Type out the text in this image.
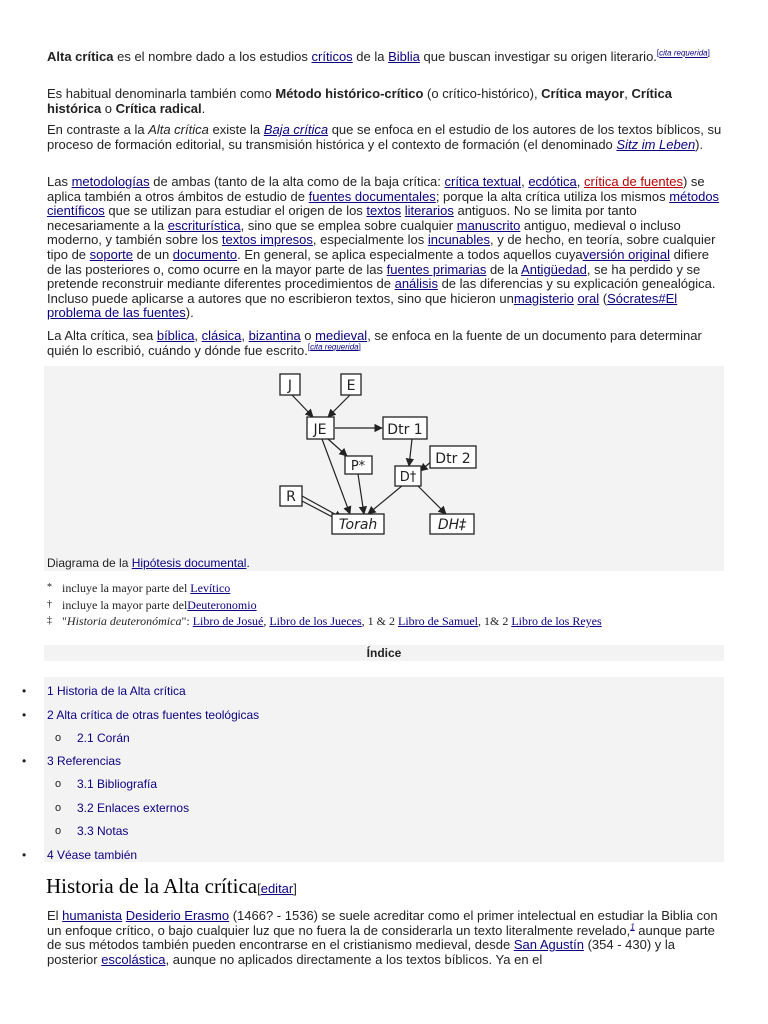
Alta crítica es el nombre dado a los estudios críticos de la Biblia que buscan investigar su origen literario.[cita requerida]

Es habitual denominarla también como Método histórico-crítico (o crítico-histórico), Crítica mayor, Crítica histórica o Crítica radical.

En contraste a la Alta crítica existe la Baja crítica que se enfoca en el estudio de los autores de los textos bíblicos, su proceso de formación editorial, su transmisión histórica y el contexto de formación (el denominado Sitz im Leben).

Las metodologías de ambas (tanto de la alta como de la baja crítica: crítica textual, ecdótica, crítica de fuentes) se aplica también a otros ámbitos de estudio de fuentes documentales; porque la alta crítica utiliza los mismos métodos científicos que se utilizan para estudiar el origen de los textos literarios antiguos. No se limita por tanto necesariamente a la escriturística, sino que se emplea sobre cualquier manuscrito antiguo, medieval o incluso moderno, y también sobre los textos impresos, especialmente los incunables, y de hecho, en teoría, sobre cualquier tipo de soporte de un documento. En general, se aplica especialmente a todos aquellos cuyaversión original difiere de las posteriores o, como ocurre en la mayor parte de las fuentes primarias de la Antigüedad, se ha perdido y se pretende reconstruir mediante diferentes procedimientos de análisis de las diferencias y su explicación genealógica. Incluso puede aplicarse a autores que no escribieron textos, sino que hicieron unmagisterio oral (Sócrates#El problema de las fuentes).

La Alta crítica, sea bíblica, clásica, bizantina o medieval, se enfoca en la fuente de un documento para determinar quién lo escribió, cuándo y dónde fue escrito.[cita requerida]

J	E
JE	Dtr 1
P*	Dtr 2
D†
R
Torah	DH‡
Diagrama de la Hipótesis documental.
* incluye la mayor parte del Levítico
† incluye la mayor parte delDeuteronomio
‡ "Historia deuteronómica": Libro de Josué, Libro de los Jueces, 1 & 2 Libro de Samuel, 1& 2 Libro de los Reyes
Índice
• 1 Historia de la Alta crítica
• 2 Alta crítica de otras fuentes teológicas
o 2.1 Corán
• 3 Referencias
o 3.1 Bibliografía
o 3.2 Enlaces externos
o 3.3 Notas
• 4 Véase también
Historia de la Alta crítica[editar]

El humanista Desiderio Erasmo (1466? - 1536) se suele acreditar como el primer intelectual en estudiar la Biblia con un enfoque crítico, o bajo cualquier luz que no fuera la de considerarla un texto literalmente revelado,$^1$ aunque parte de sus métodos también pueden encontrarse en el cristianismo medieval, desde San Agustín (354 - 430) y la posterior escolástica, aunque no aplicados directamente a los textos bíblicos. Ya en el
